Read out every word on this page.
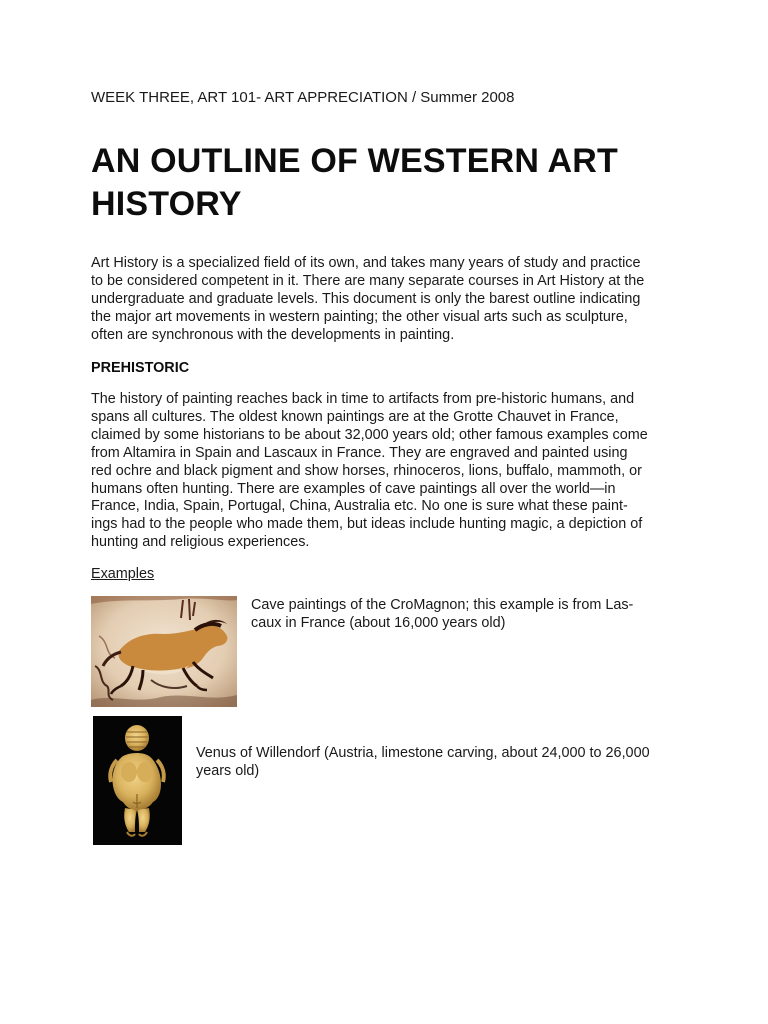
WEEK THREE, ART 101- ART APPRECIATION / Summer 2008
AN OUTLINE OF WESTERN ART
HISTORY

Art History is a specialized field of its own, and takes many years of study and practice
to be considered competent in it. There are many separate courses in Art History at the
undergraduate and graduate levels. This document is only the barest outline indicating
the major art movements in western painting; the other visual arts such as sculpture,
often are synchronous with the developments in painting.

PREHISTORIC

The history of painting reaches back in time to artifacts from pre-historic humans, and
spans all cultures. The oldest known paintings are at the Grotte Chauvet in France,
claimed by some historians to be about 32,000 years old; other famous examples come
from Altamira in Spain and Lascaux in France. They are engraved and painted using
red ochre and black pigment and show horses, rhinoceros, lions, buffalo, mammoth, or
humans often hunting. There are examples of cave paintings all over the world—in
France, India, Spain, Portugal, China, Australia etc. No one is sure what these paint-
ings had to the people who made them, but ideas include hunting magic, a depiction of
hunting and religious experiences.

Examples
Cave paintings of the CroMagnon; this example is from Las-
caux in France (about 16,000 years old)
Venus of Willendorf (Austria, limestone carving, about 24,000 to 26,000
years old)
